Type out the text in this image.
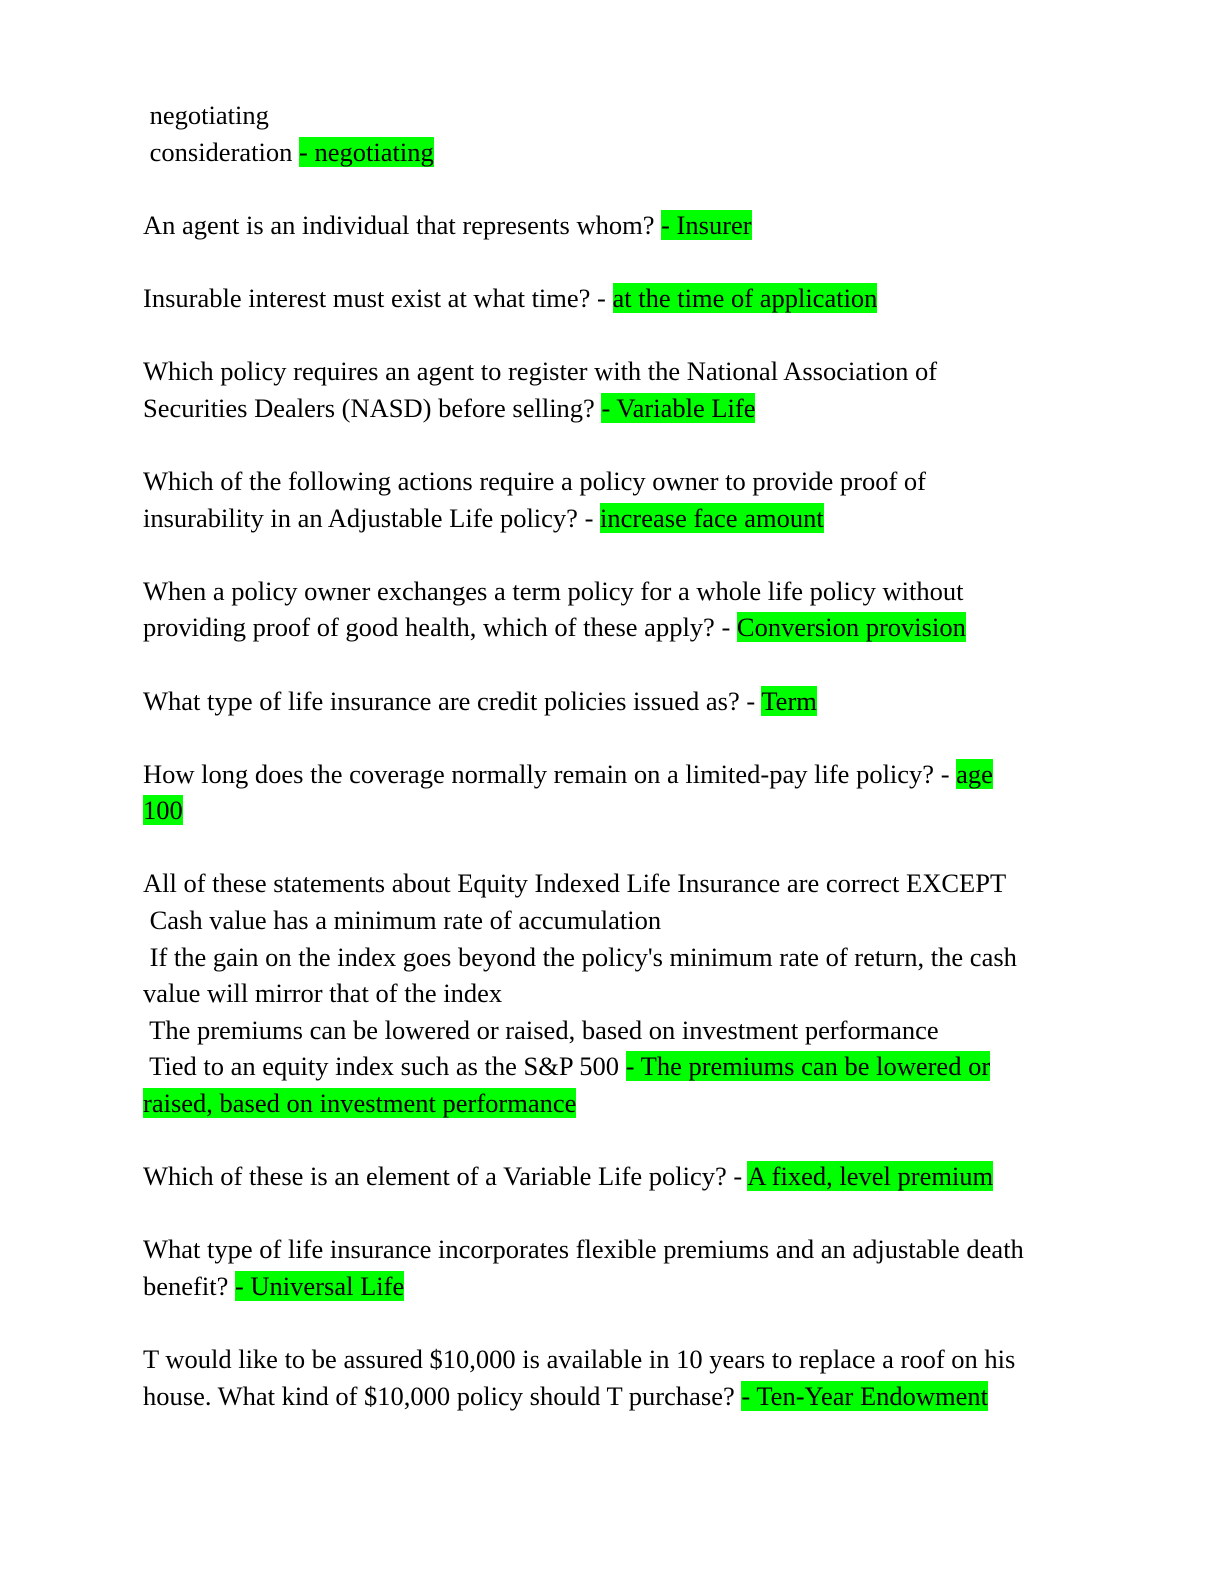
negotiating
consideration - negotiating
An agent is an individual that represents whom? - Insurer
Insurable interest must exist at what time? - at the time of application
Which policy requires an agent to register with the National Association of
Securities Dealers (NASD) before selling? - Variable Life
Which of the following actions require a policy owner to provide proof of
insurability in an Adjustable Life policy? - increase face amount
When a policy owner exchanges a term policy for a whole life policy without
providing proof of good health, which of these apply? - Conversion provision
What type of life insurance are credit policies issued as? - Term
How long does the coverage normally remain on a limited-pay life policy? - age
100
All of these statements about Equity Indexed Life Insurance are correct EXCEPT
Cash value has a minimum rate of accumulation
If the gain on the index goes beyond the policy's minimum rate of return, the cash
value will mirror that of the index
The premiums can be lowered or raised, based on investment performance
Tied to an equity index such as the S&P 500 - The premiums can be lowered or
raised, based on investment performance
Which of these is an element of a Variable Life policy? - A fixed, level premium
What type of life insurance incorporates flexible premiums and an adjustable death
benefit? - Universal Life
T would like to be assured $10,000 is available in 10 years to replace a roof on his
house. What kind of $10,000 policy should T purchase? - Ten-Year Endowment
